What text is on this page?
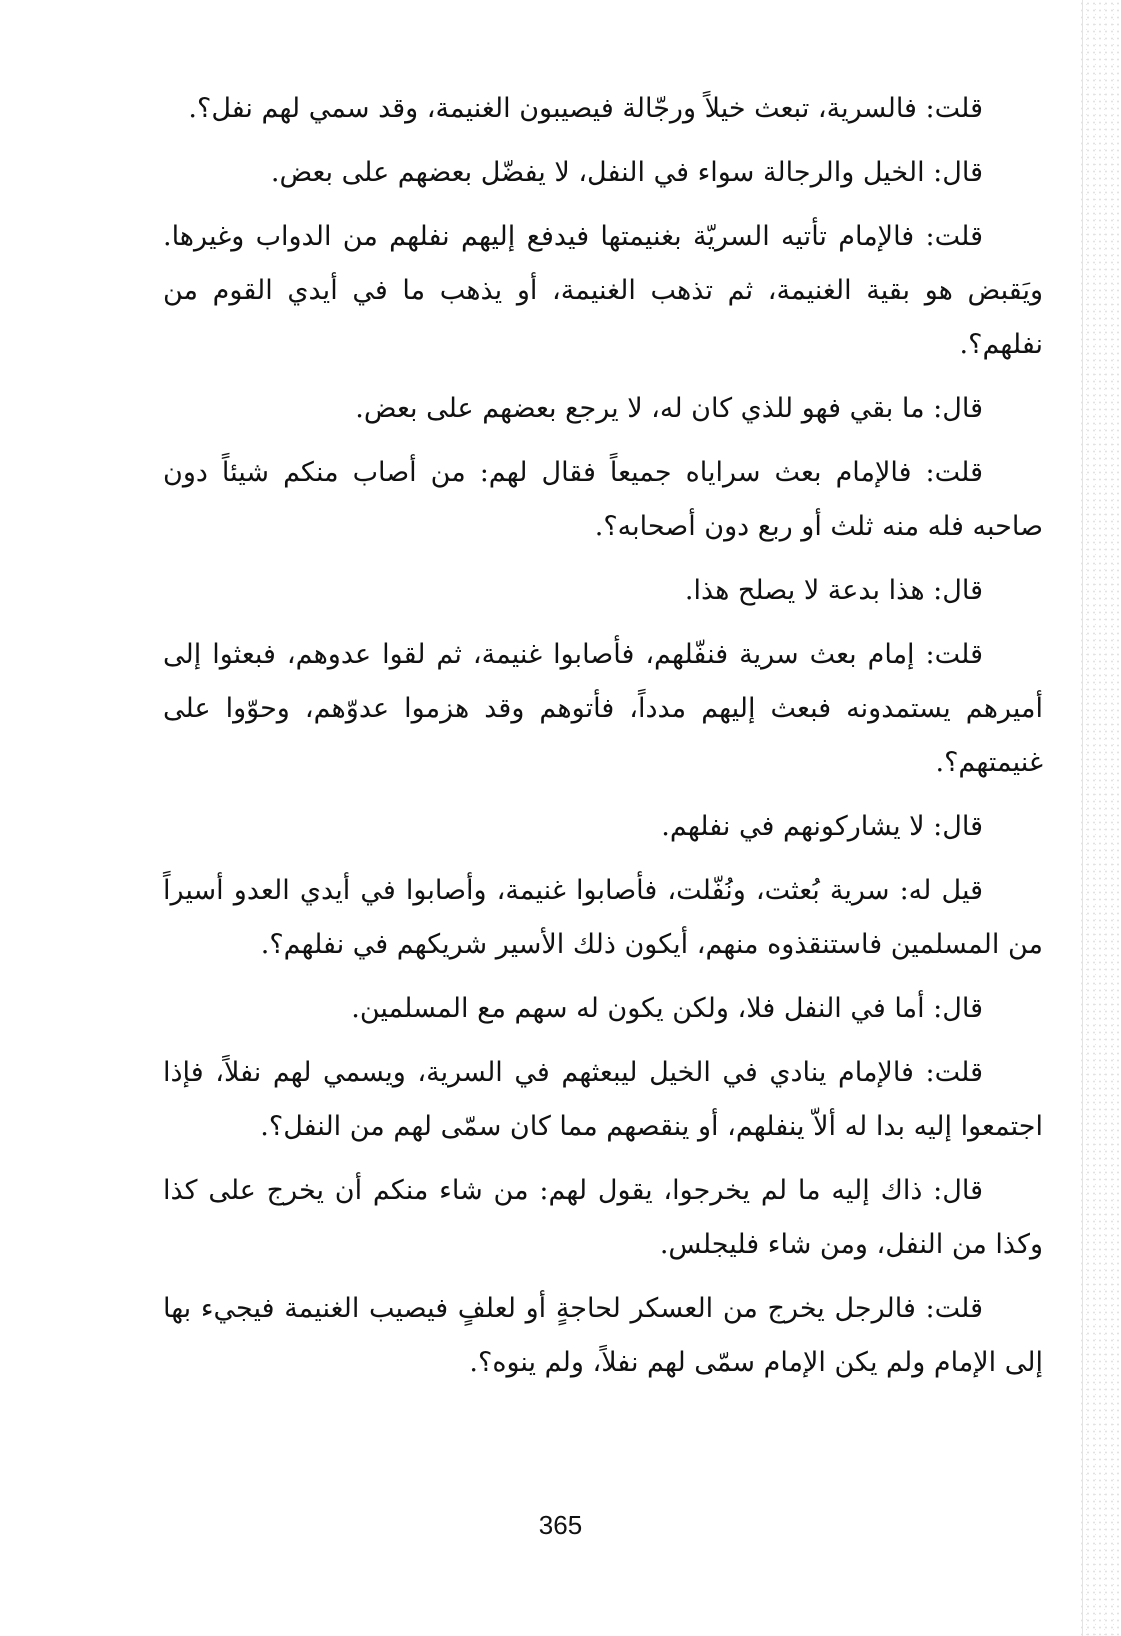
قلت: فالسرية، تبعث خيلاً ورجّالة فيصيبون الغنيمة، وقد سمي لهم نفل؟.

قال: الخيل والرجالة سواء في النفل، لا يفضّل بعضهم على بعض.

قلت: فالإمام تأتيه السريّة بغنيمتها فيدفع إليهم نفلهم من الدواب وغيرها. ويَقبض هو بقية الغنيمة، ثم تذهب الغنيمة، أو يذهب ما في أيدي القوم من نفلهم؟.

قال: ما بقي فهو للذي كان له، لا يرجع بعضهم على بعض.

قلت: فالإمام بعث سراياه جميعاً فقال لهم: من أصاب منكم شيئاً دون صاحبه فله منه ثلث أو ربع دون أصحابه؟.

قال: هذا بدعة لا يصلح هذا.

قلت: إمام بعث سرية فنفّلهم، فأصابوا غنيمة، ثم لقوا عدوهم، فبعثوا إلى أميرهم يستمدونه فبعث إليهم مدداً، فأتوهم وقد هزموا عدوّهم، وحوّوا على غنيمتهم؟.

قال: لا يشاركونهم في نفلهم.

قيل له: سرية بُعثت، ونُفّلت، فأصابوا غنيمة، وأصابوا في أيدي العدو أسيراً من المسلمين فاستنقذوه منهم، أيكون ذلك الأسير شريكهم في نفلهم؟.

قال: أما في النفل فلا، ولكن يكون له سهم مع المسلمين.

قلت: فالإمام ينادي في الخيل ليبعثهم في السرية، ويسمي لهم نفلاً، فإذا اجتمعوا إليه بدا له ألاّ ينفلهم، أو ينقصهم مما كان سمّى لهم من النفل؟.

قال: ذاك إليه ما لم يخرجوا، يقول لهم: من شاء منكم أن يخرج على كذا وكذا من النفل، ومن شاء فليجلس.

قلت: فالرجل يخرج من العسكر لحاجةٍ أو لعلفٍ فيصيب الغنيمة فيجيء بها إلى الإمام ولم يكن الإمام سمّى لهم نفلاً، ولم ينوه؟.

365
